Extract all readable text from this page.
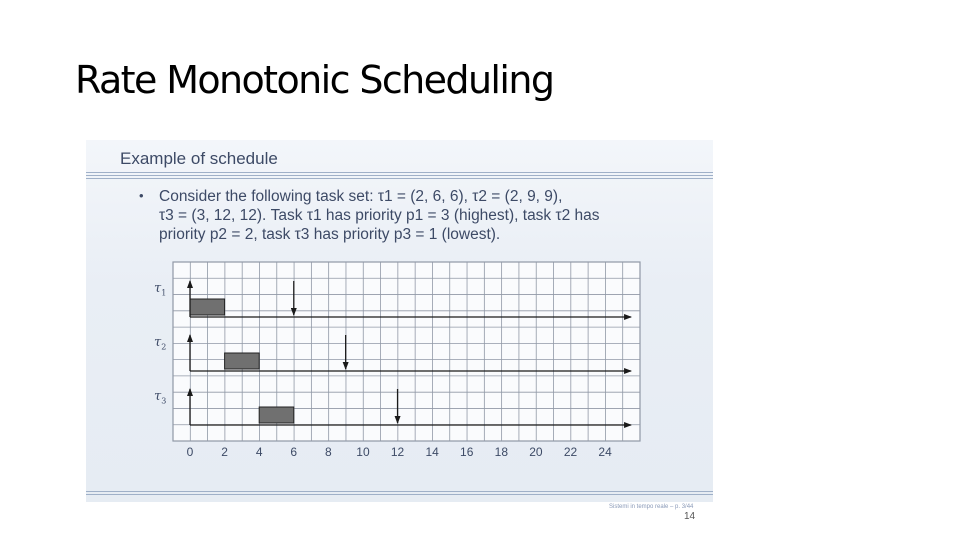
Rate Monotonic Scheduling
Example of schedule
• Consider the following task set: τ1 = (2, 6, 6), τ2 = (2, 9, 9),
τ3 = (3, 12, 12). Task τ1 has priority p1 = 3 (highest), task τ2 has
priority p2 = 2, task τ3 has priority p3 = 1 (lowest).
$\tau_1$
$\tau_2$
$\tau_3$
0 2 4 6 8 10 12 14 16 18 20 22 24
Sistemi in tempo reale – p. 3/44
14
